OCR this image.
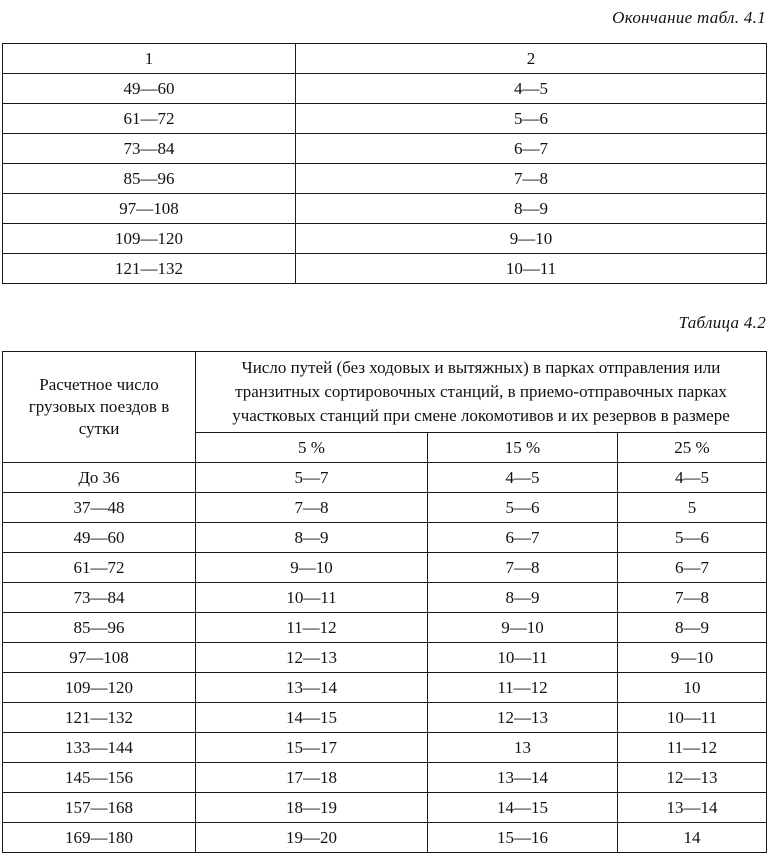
Окончание табл. 4.1
1	2
49—60	4—5
61—72	5—6
73—84	6—7
85—96	7—8
97—108	8—9
109—120	9—10
121—132	10—11
Таблица 4.2
Расчетное число грузовых поездов в сутки	Число путей (без ходовых и вытяжных) в парках отправления или транзитных сортировочных станций, в приемо-отправочных парках участковых станций при смене локомотивов и их резервов в размере		
	5 %	15 %	25 %
До 36	5—7	4—5	4—5
37—48	7—8	5—6	5
49—60	8—9	6—7	5—6
61—72	9—10	7—8	6—7
73—84	10—11	8—9	7—8
85—96	11—12	9—10	8—9
97—108	12—13	10—11	9—10
109—120	13—14	11—12	10
121—132	14—15	12—13	10—11
133—144	15—17	13	11—12
145—156	17—18	13—14	12—13
157—168	18—19	14—15	13—14
169—180	19—20	15—16	14
